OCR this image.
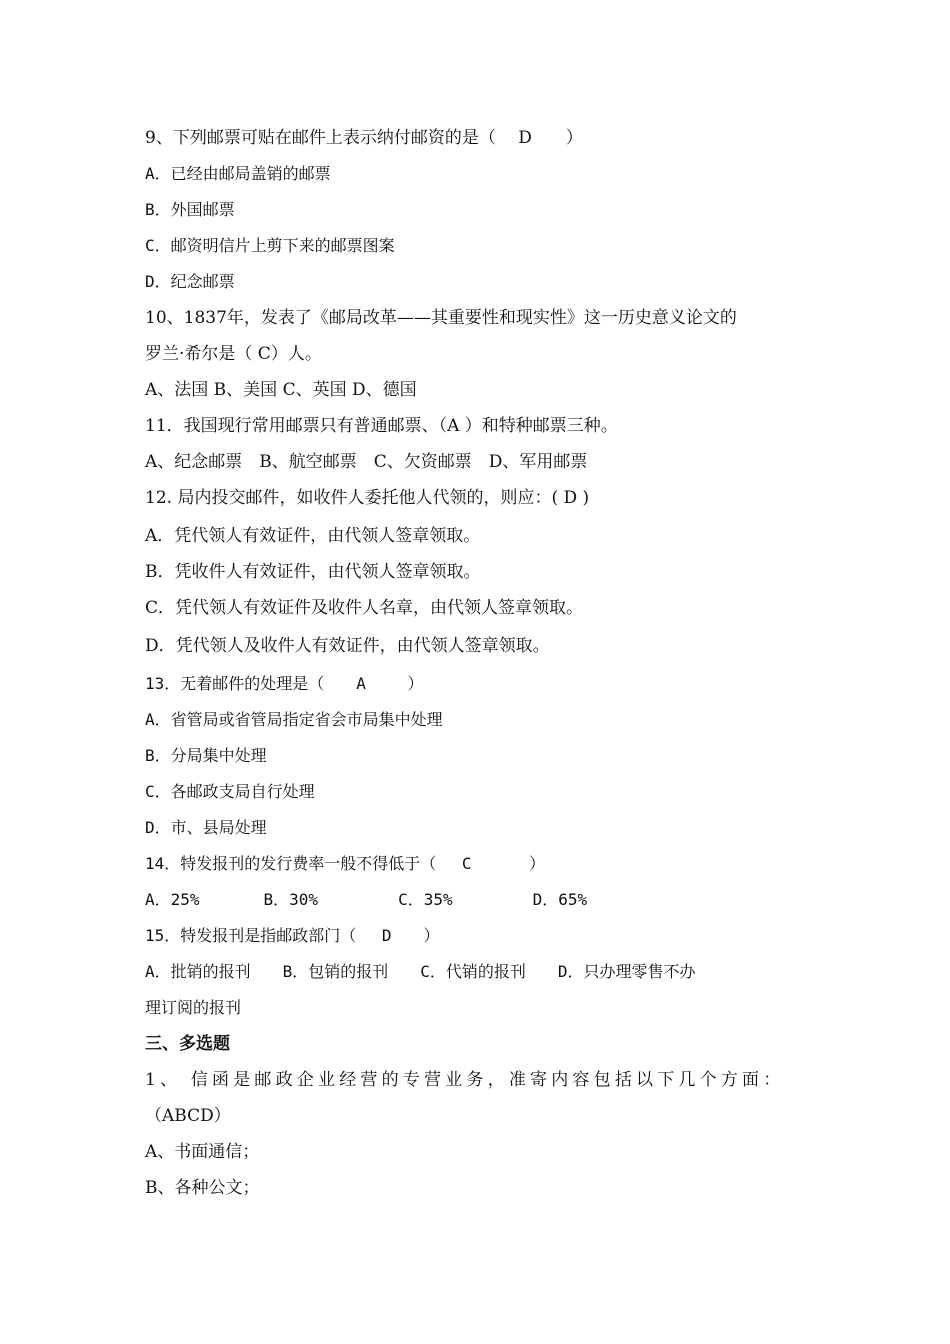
9、下列邮票可贴在邮件上表示纳付邮资的是（　 D　　）
A．已经由邮局盖销的邮票
B．外国邮票
C．邮资明信片上剪下来的邮票图案
D．纪念邮票
10、1837年，发表了《邮局改革——其重要性和现实性》这一历史意义论文的
罗兰·希尔是（ C）人。
A、法国 B、美国 C、英国 D、德国
11．我国现行常用邮票只有普通邮票、（A ）和特种邮票三种。
A、纪念邮票　B、航空邮票　C、欠资邮票　D、军用邮票
12. 局内投交邮件，如收件人委托他人代领的，则应：( D )
A．凭代领人有效证件，由代领人签章领取。
B．凭收件人有效证件，由代领人签章领取。
C．凭代领人有效证件及收件人名章，由代领人签章领取。
D．凭代领人及收件人有效证件，由代领人签章领取。
13．无着邮件的处理是（　　A　　 ）
A．省管局或省管局指定省会市局集中处理
B．分局集中处理
C．各邮政支局自行处理
D．市、县局处理
14．特发报刊的发行费率一般不得低于（　 C　　　 ）
A．25%　　　　B．30%　　　　　C．35%　　　　　D．65%
15．特发报刊是指邮政部门（　 D　　）
A．批销的报刊　　B．包销的报刊　　C．代销的报刊　　D．只办理零售不办
理订阅的报刊
三、多选题
1、 信函是邮政企业经营的专营业务，准寄内容包括以下几个方面：
（ABCD）
A、书面通信；
B、各种公文；
